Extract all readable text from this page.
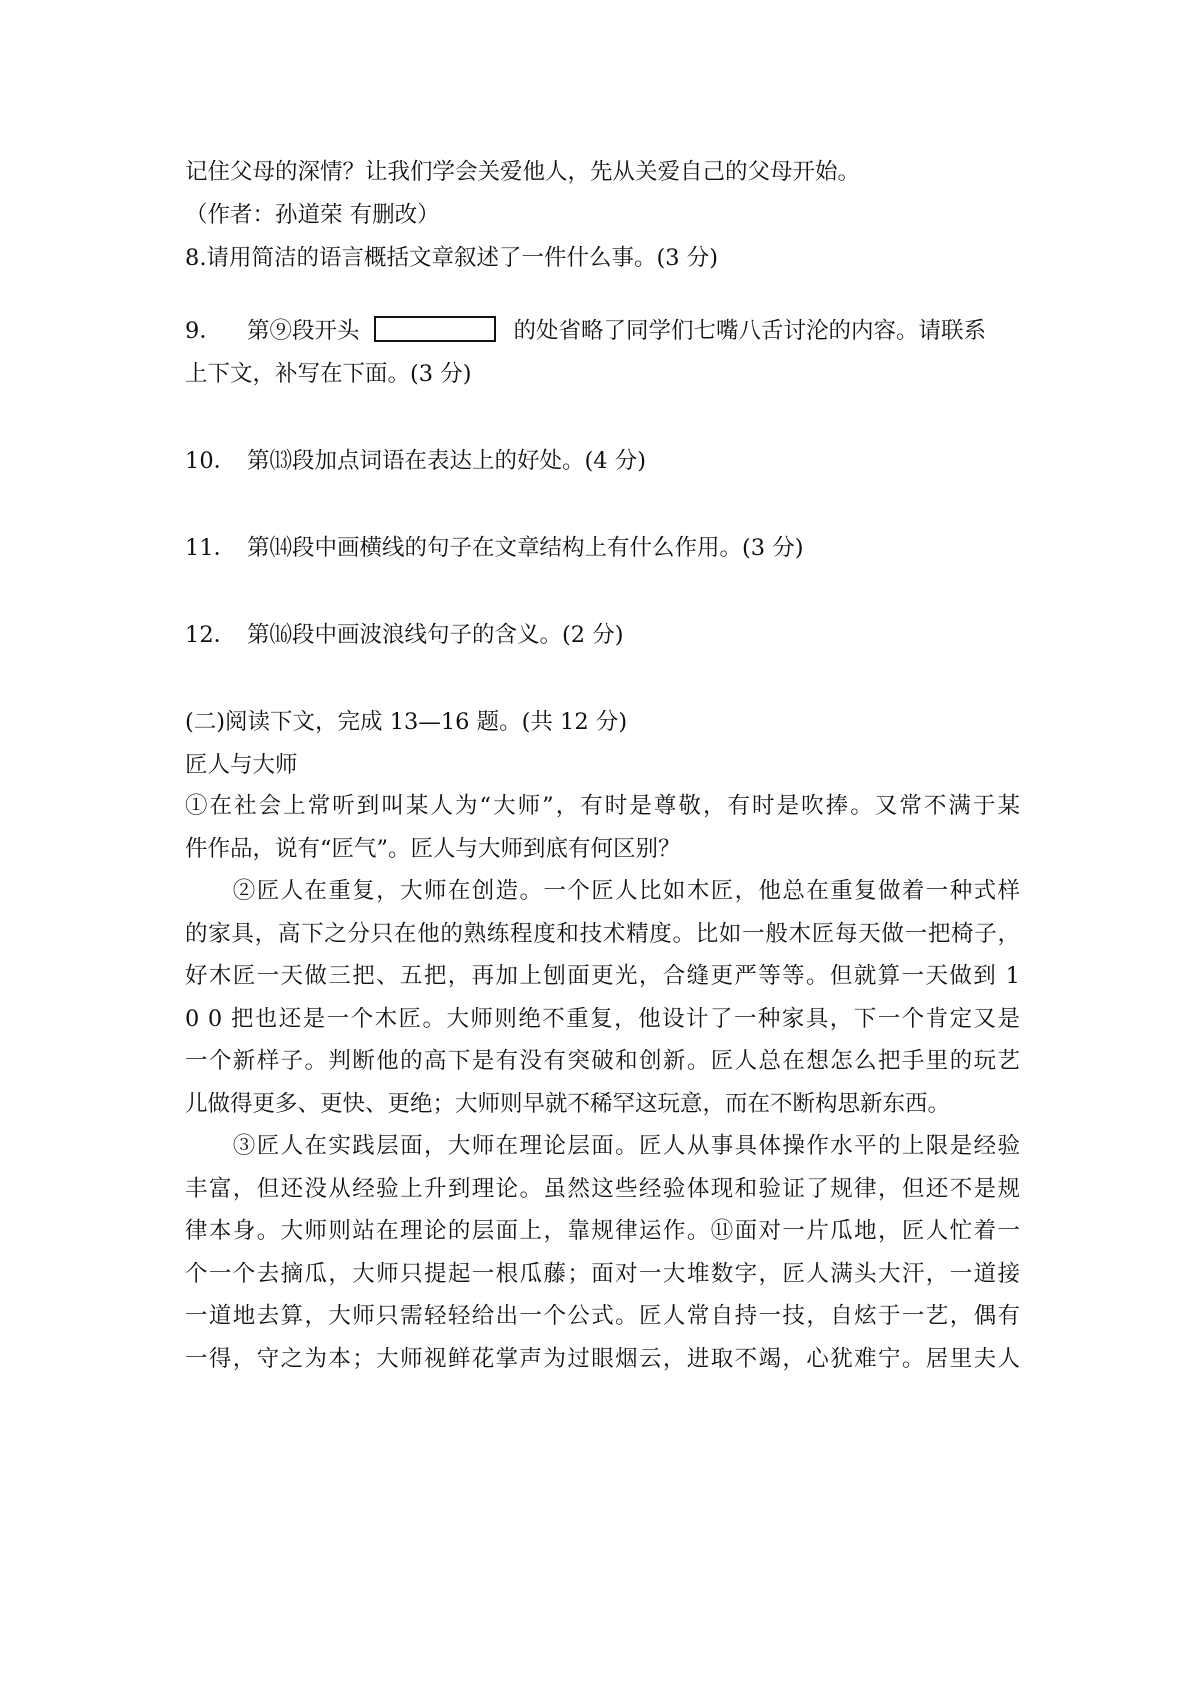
记住父母的深情？让我们学会关爱他人，先从关爱自己的父母开始。
（作者：孙道荣 有删改）
8.请用简洁的语言概括文章叙述了一件什么事。(3 分)
9． 第⑨段开头	的处省略了同学们七嘴八舌讨沦的内容。请联系
上下文，补写在下面。(3 分)
10． 第⒀段加点词语在表达上的好处。(4 分)
11． 第⒁段中画横线的句子在文章结构上有什么作用。(3 分)
12． 第⒃段中画波浪线句子的含义。(2 分)
(二)阅读下文，完成 13—16 题。(共 12 分)
匠人与大师
①在社会上常听到叫某人为“大师”，有时是尊敬，有时是吹捧。又常不满于某
件作品，说有“匠气”。匠人与大师到底有何区别？
　　②匠人在重复，大师在创造。一个匠人比如木匠，他总在重复做着一种式样
的家具，高下之分只在他的熟练程度和技术精度。比如一般木匠每天做一把椅子，
好木匠一天做三把、五把，再加上刨面更光，合缝更严等等。但就算一天做到 1
0 0 把也还是一个木匠。大师则绝不重复，他设计了一种家具，下一个肯定又是
一个新样子。判断他的高下是有没有突破和创新。匠人总在想怎么把手里的玩艺
儿做得更多、更快、更绝；大师则早就不稀罕这玩意，而在不断构思新东西。
　　③匠人在实践层面，大师在理论层面。匠人从事具体操作水平的上限是经验
丰富，但还没从经验上升到理论。虽然这些经验体现和验证了规律，但还不是规
律本身。大师则站在理论的层面上，靠规律运作。⑪面对一片瓜地，匠人忙着一
个一个去摘瓜，大师只提起一根瓜藤；面对一大堆数字，匠人满头大汗，一道接
一道地去算，大师只需轻轻给出一个公式。匠人常自持一技，自炫于一艺，偶有
一得，守之为本；大师视鲜花掌声为过眼烟云，进取不竭，心犹难宁。居里夫人
